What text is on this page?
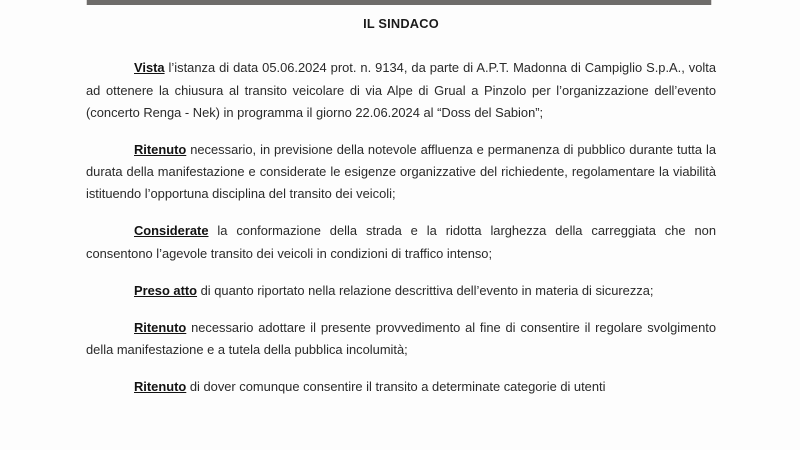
IL SINDACO

Vista l’istanza di data 05.06.2024 prot. n. 9134, da parte di A.P.T. Madonna di Campiglio S.p.A., volta ad ottenere la chiusura al transito veicolare di via Alpe di Grual a Pinzolo per l’organizzazione dell’evento (concerto Renga - Nek) in programma il giorno 22.06.2024 al “Doss del Sabion”;

Ritenuto necessario, in previsione della notevole affluenza e permanenza di pubblico durante tutta la durata della manifestazione e considerate le esigenze organizzative del richiedente, regolamentare la viabilità istituendo l’opportuna disciplina del transito dei veicoli;

Considerate la conformazione della strada e la ridotta larghezza della carreggiata che non consentono l’agevole transito dei veicoli in condizioni di traffico intenso;

Preso atto di quanto riportato nella relazione descrittiva dell’evento in materia di sicurezza;

Ritenuto necessario adottare il presente provvedimento al fine di consentire il regolare svolgimento della manifestazione e a tutela della pubblica incolumità;

Ritenuto di dover comunque consentire il transito a determinate categorie di utenti
